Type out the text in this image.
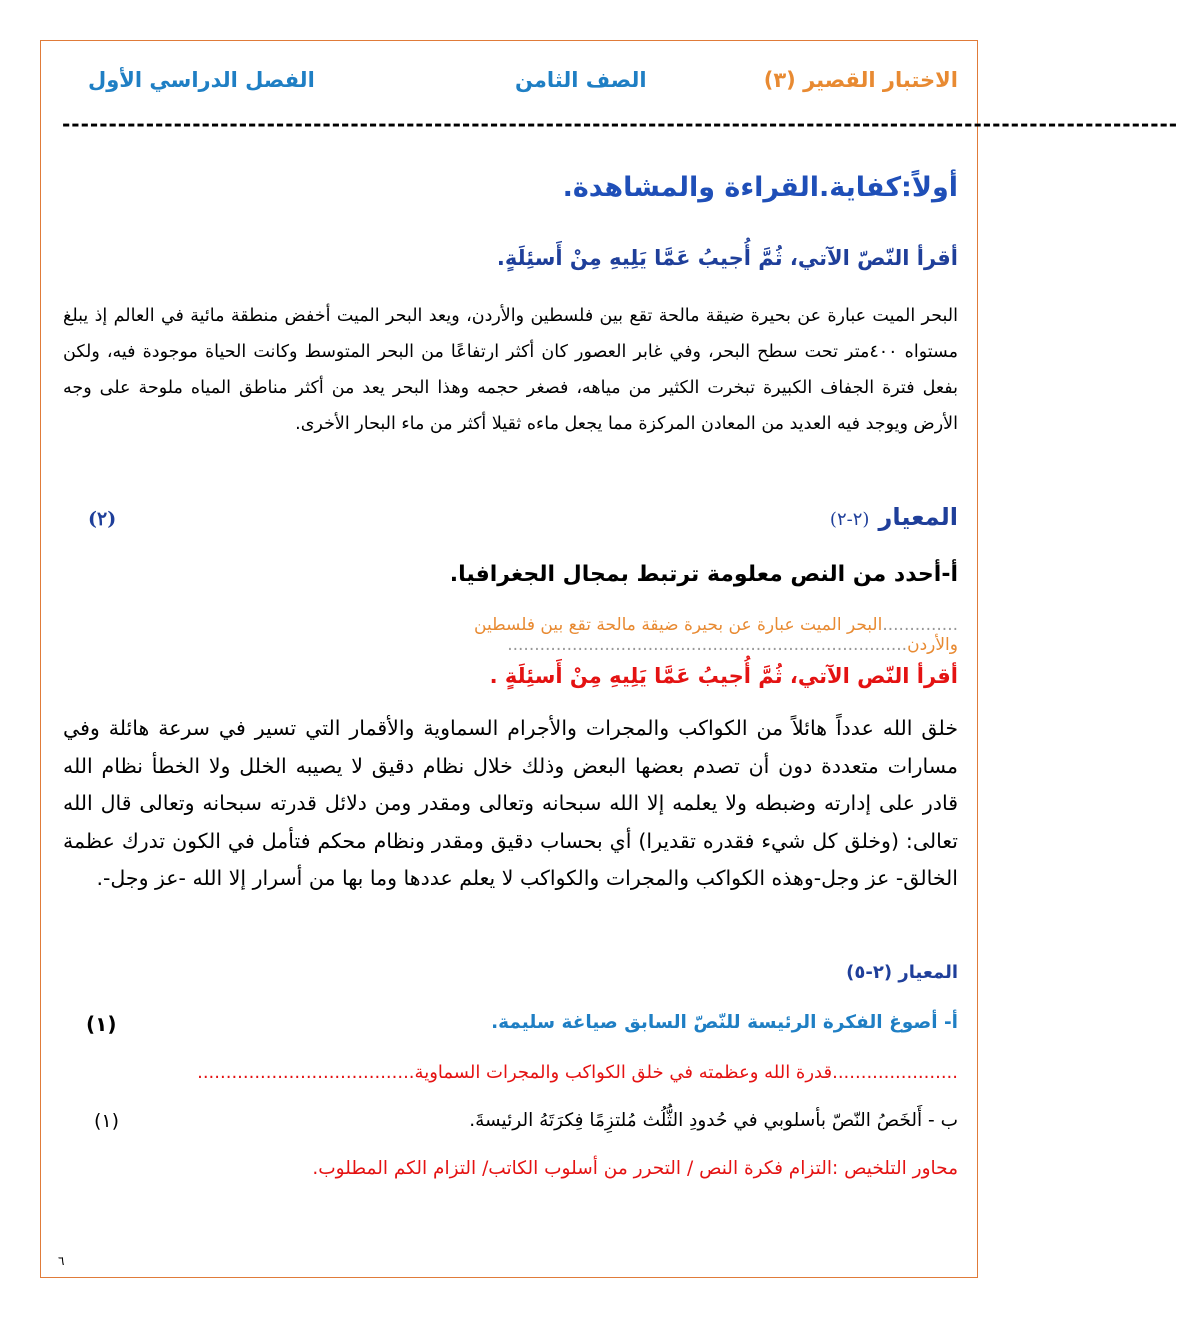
الاختبار القصير (٣)
الصف الثامن
الفصل الدراسي الأول
------------------------------------------------------------------------------------------------------------------------
أولاً:كفاية.القراءة والمشاهدة.
أقرأ النّصّ الآتي، ثُمَّ أُجيبُ عَمَّا يَلِيهِ مِنْ أَسئِلَةٍ.
البحر الميت عبارة عن بحيرة ضيقة مالحة تقع بين فلسطين والأردن، ويعد البحر الميت أخفض منطقة مائية في العالم إذ يبلغ مستواه ٤٠٠متر تحت سطح البحر، وفي غابر العصور كان أكثر ارتفاعًا من البحر المتوسط وكانت الحياة موجودة فيه، ولكن بفعل فترة الجفاف الكبيرة تبخرت الكثير من مياهه، فصغر حجمه وهذا البحر يعد من أكثر مناطق المياه ملوحة على وجه الأرض ويوجد فيه العديد من المعادن المركزة مما يجعل ماءه ثقيلا أكثر من ماء البحار الأخرى.
المعيار (٢-٢)
(٢)
أ-أحدد من النص معلومة ترتبط بمجال الجغرافيا.
..............البحر الميت عبارة عن بحيرة ضيقة مالحة تقع بين فلسطين والأردن..........................................................................
أقرأ النّص الآتي، ثُمَّ أُجيبُ عَمَّا يَلِيهِ مِنْ أَسئِلَةٍ .
خلق الله عدداً هائلاً من الكواكب والمجرات والأجرام السماوية والأقمار التي تسير في سرعة هائلة وفي مسارات متعددة دون أن تصدم بعضها البعض وذلك خلال نظام دقيق لا يصيبه الخلل ولا الخطأ نظام الله قادر على إدارته وضبطه ولا يعلمه إلا الله سبحانه وتعالى ومقدر ومن دلائل قدرته سبحانه وتعالى قال الله تعالى: (وخلق كل شيء فقدره تقديرا) أي بحساب دقيق ومقدر ونظام محكم فتأمل في الكون تدرك عظمة الخالق- عز وجل-وهذه الكواكب والمجرات والكواكب لا يعلم عددها وما بها من أسرار إلا الله -عز وجل-.
المعيار (٢-٥)
أ- أصوغ الفكرة الرئيسة للنّصّ السابق صياغة سليمة.
(١)
......................قدرة الله وعظمته في خلق الكواكب والمجرات السماوية......................................
ب - أَلخَصُ النّصّ بأسلوبي في حُدودِ الثُّلُث مُلتزِمًا فِكرَتَهُ الرئيسةَ.
(١)
محاور التلخيص :التزام فكرة النص / التحرر من أسلوب الكاتب/ التزام الكم المطلوب.
٦
